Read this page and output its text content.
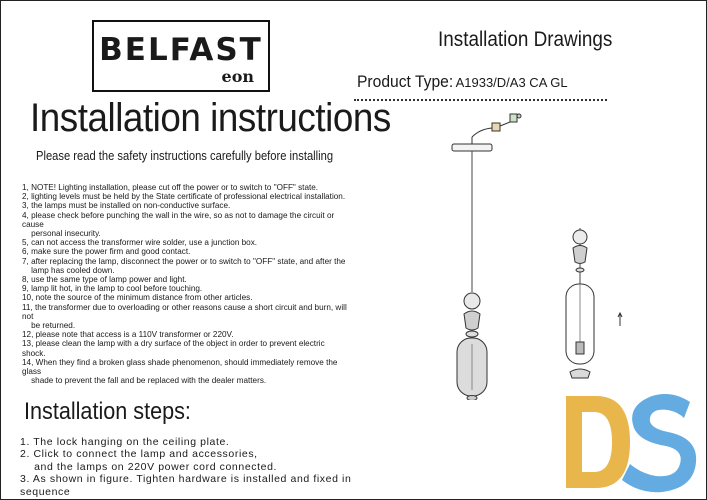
BELFAST
eon
Installation instructions
Please read the safety instructions carefully before installing
1, NOTE! Lighting installation, please cut off the power or to switch to "OFF" state.
2, lighting levels must be held by the State certificate of professional electrical installation.
3, the lamps must be installed on non-conductive surface.
4, please check before punching the wall in the wire, so as not to damage the circuit or cause
personal insecurity.
5, can not access the transformer wire solder, use a junction box.
6, make sure the power firm and good contact.
7, after replacing the lamp, disconnect the power or to switch to "OFF" state, and after the
lamp has cooled down.
8, use the same type of lamp power and light.
9, lamp lit hot, in the lamp to cool before touching.
10, note the source of the minimum distance from other articles.
11, the transformer due to overloading or other reasons cause a short circuit and burn, will not
be returned.
12, please note that access is a 110V transformer or 220V.
13, please clean the lamp with a dry surface of the object in order to prevent electric shock.
14, When they find a broken glass shade phenomenon, should immediately remove the glass
shade to prevent the fall and be replaced with the dealer matters.
Installation steps:
1. The lock hanging on the ceiling plate.
2. Click to connect the lamp and accessories,
and the lamps on 220V power cord connected.
3. As shown in figure. Tighten hardware is installed and fixed in sequence
Installation Drawings
Product Type: A1933/D/A3 CA GL
